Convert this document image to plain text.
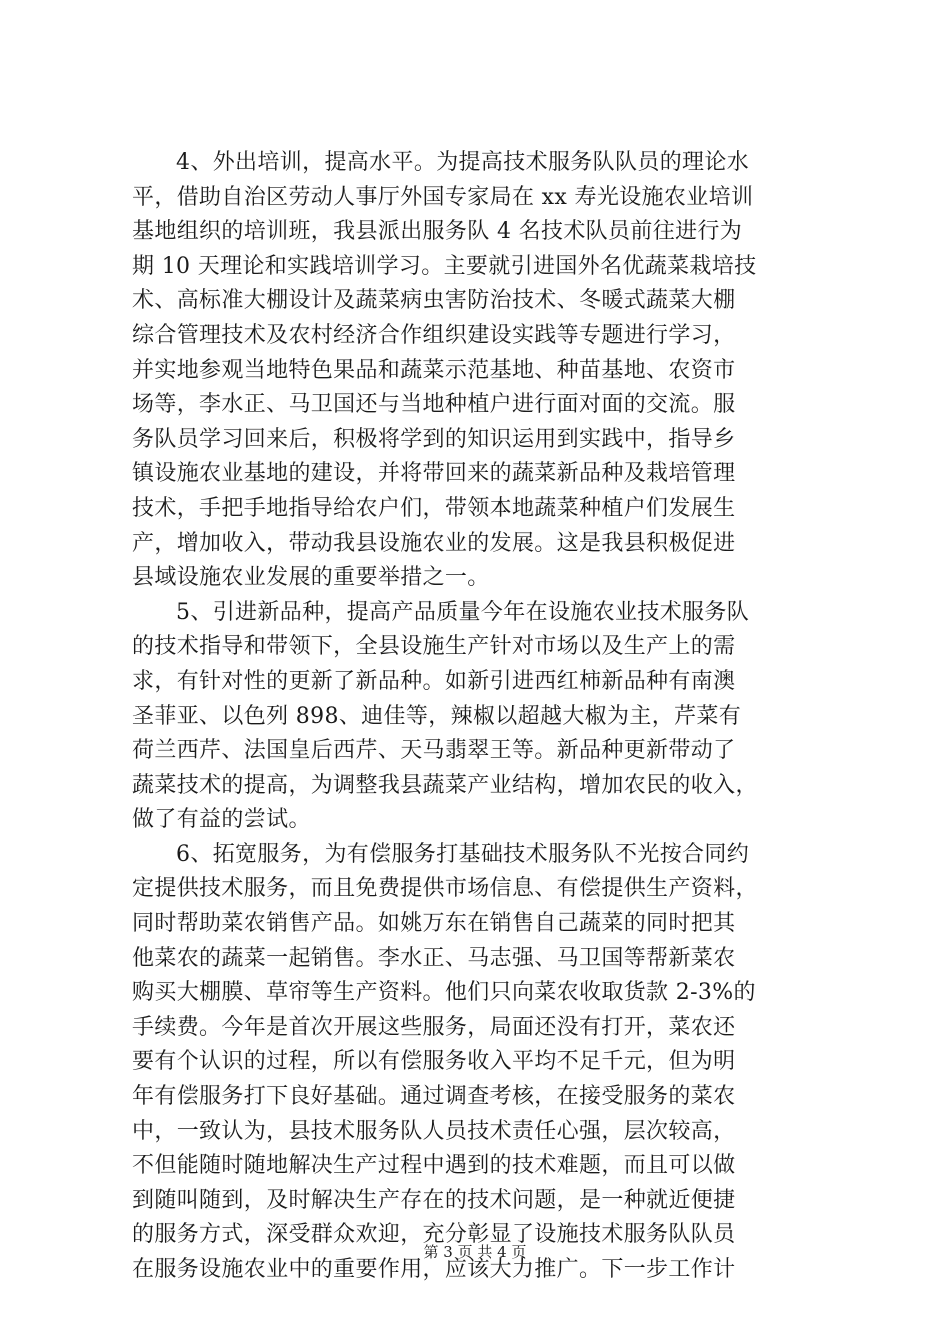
4、外出培训，提高水平。为提高技术服务队队员的理论水
平，借助自治区劳动人事厅外国专家局在 xx 寿光设施农业培训
基地组织的培训班，我县派出服务队 4 名技术队员前往进行为
期 10 天理论和实践培训学习。主要就引进国外名优蔬菜栽培技
术、高标准大棚设计及蔬菜病虫害防治技术、冬暖式蔬菜大棚
综合管理技术及农村经济合作组织建设实践等专题进行学习，
并实地参观当地特色果品和蔬菜示范基地、种苗基地、农资市
场等，李水正、马卫国还与当地种植户进行面对面的交流。服
务队员学习回来后，积极将学到的知识运用到实践中，指导乡
镇设施农业基地的建设，并将带回来的蔬菜新品种及栽培管理
技术，手把手地指导给农户们，带领本地蔬菜种植户们发展生
产，增加收入，带动我县设施农业的发展。这是我县积极促进
县域设施农业发展的重要举措之一。

5、引进新品种，提高产品质量今年在设施农业技术服务队
的技术指导和带领下，全县设施生产针对市场以及生产上的需
求，有针对性的更新了新品种。如新引进西红柿新品种有南澳
圣菲亚、以色列 898、迪佳等，辣椒以超越大椒为主，芹菜有
荷兰西芹、法国皇后西芹、天马翡翠王等。新品种更新带动了
蔬菜技术的提高，为调整我县蔬菜产业结构，增加农民的收入，
做了有益的尝试。

6、拓宽服务，为有偿服务打基础技术服务队不光按合同约
定提供技术服务，而且免费提供市场信息、有偿提供生产资料，
同时帮助菜农销售产品。如姚万东在销售自己蔬菜的同时把其
他菜农的蔬菜一起销售。李水正、马志强、马卫国等帮新菜农
购买大棚膜、草帘等生产资料。他们只向菜农收取货款 2-3%的
手续费。今年是首次开展这些服务，局面还没有打开，菜农还
要有个认识的过程，所以有偿服务收入平均不足千元，但为明
年有偿服务打下良好基础。通过调查考核，在接受服务的菜农
中，一致认为，县技术服务队人员技术责任心强，层次较高，
不但能随时随地解决生产过程中遇到的技术难题，而且可以做
到随叫随到，及时解决生产存在的技术问题，是一种就近便捷
的服务方式，深受群众欢迎，充分彰显了设施技术服务队队员
在服务设施农业中的重要作用，应该大力推广。下一步工作计

第 3 页 共 4 页
